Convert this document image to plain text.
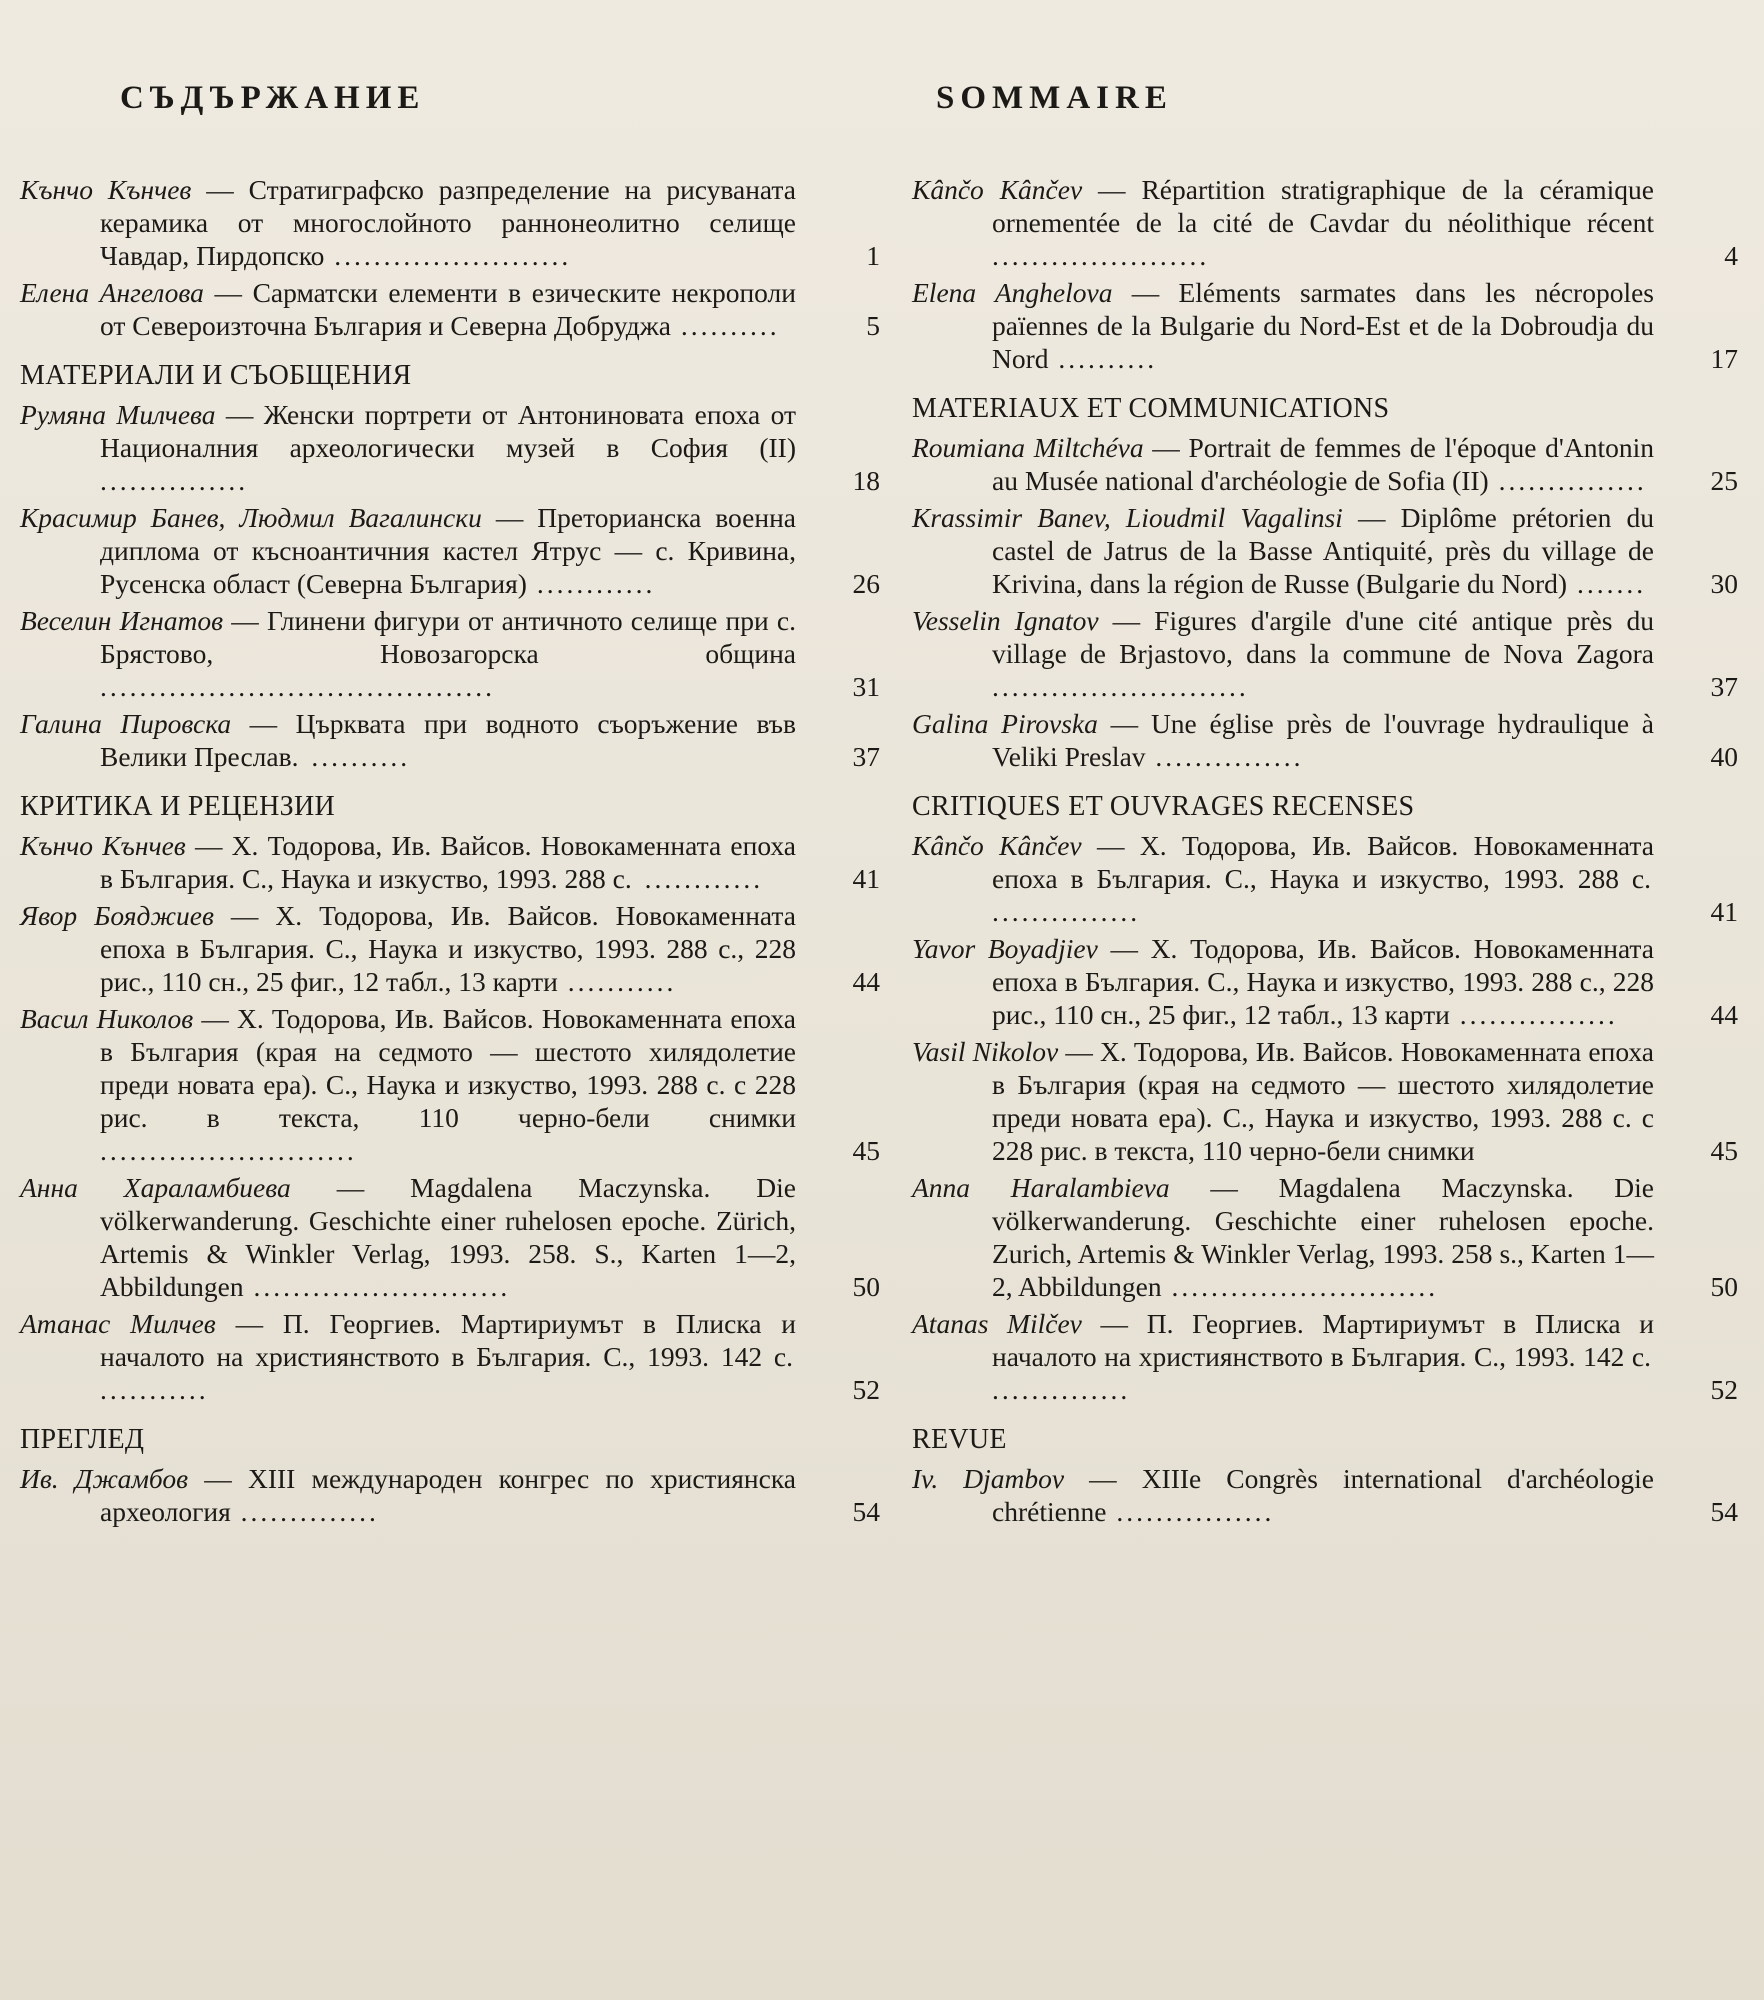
СЪДЪРЖАНИЕ
Кънчо Кънчев — Стратиграфско разпределение на рисуваната керамика от многослойното раннонеолитно селище Чавдар, Пирдопско ........................	1
Елена Ангелова — Сарматски елементи в езическите некрополи от Североизточна България и Северна Добруджа ..........	5
МАТЕРИАЛИ И СЪОБЩЕНИЯ
Румяна Милчева — Женски портрети от Антониновата епоха от Националния археологически музей в София (II) ...............	18
Красимир Банев, Людмил Вагалински — Преторианска военна диплома от късноантичния кастел Ятрус — с. Кривина, Русенска област (Северна България) ............	26
Веселин Игнатов — Глинени фигури от античното селище при с. Брястово, Новозагорска община ........................................	31
Галина Пировска — Църквата при водното съоръжение във Велики Преслав. ..........	37
КРИТИКА И РЕЦЕНЗИИ
Кънчо Кънчев — Х. Тодорова, Ив. Вайсов. Новокаменната епоха в България. С., Наука и изкуство, 1993. 288 с. ............	41
Явор Бояджиев — Х. Тодорова, Ив. Вайсов. Новокаменната епоха в България. С., Наука и изкуство, 1993. 288 с., 228 рис., 110 сн., 25 фиг., 12 табл., 13 карти ...........	44
Васил Николов — Х. Тодорова, Ив. Вайсов. Новокаменната епоха в България (края на седмото — шестото хилядолетие преди новата ера). С., Наука и изкуство, 1993. 288 с. с 228 рис. в текста, 110 черно-бели снимки ..........................	45
Анна Хараламбиева — Magdalena Maczynska. Die völkerwanderung. Geschichte einer ruhelosen epoche. Zürich, Artemis & Winkler Verlag, 1993. 258. S., Karten 1—2, Abbildungen ..........................	50
Атанас Милчев — П. Георгиев. Мартириумът в Плиска и началото на християнството в България. С., 1993. 142 с. ...........	52
ПРЕГЛЕД
Ив. Джамбов — XIII международен конгрес по християнска археология ..............	54
SOMMAIRE
Kânčo Kânčev — Répartition stratigraphique de la céramique ornementée de la cité de Cavdar du néolithique récent ......................	4
Elena Anghelova — Eléments sarmates dans les nécropoles païennes de la Bulgarie du Nord-Est et de la Dobroudja du Nord ..........	17
MATERIAUX ET COMMUNICATIONS
Roumiana Miltchéva — Portrait de femmes de l'époque d'Antonin au Musée national d'archéologie de Sofia (II) ............... 25
Krassimir Banev, Lioudmil Vagalinsi — Diplôme prétorien du castel de Jatrus de la Basse Antiquité, près du village de Krivina, dans la région de Russe (Bulgarie du Nord) ....... 30
Vesselin Ignatov — Figures d'argile d'une cité antique près du village de Brjastovo, dans la commune de Nova Zagora ..........................	37
Galina Pirovska — Une église près de l'ouvrage hydraulique à Veliki Preslav ...............	40
CRITIQUES ET OUVRAGES RECENSES
Kânčo Kânčev — Х. Тодорова, Ив. Вайсов. Новокаменната епоха в България. С., Наука и изкуство, 1993. 288 с. ...............	41
Yavor Boyadjiev — Х. Тодорова, Ив. Вайсов. Новокаменната епоха в България. С., Наука и изкуство, 1993. 288 с., 228 рис., 110 сн., 25 фиг., 12 табл., 13 карти ................	44
Vasil Nikolov — Х. Тодорова, Ив. Вайсов. Новокаменната епоха в България (края на седмото — шестото хилядолетие преди новата ера). С., Наука и изкуство, 1993. 288 с. с 228 рис. в текста, 110 черно-бели снимки	45
Anna Haralambieva — Magdalena Maczynska. Die völkerwanderung. Geschichte einer ruhelosen epoche. Zurich, Artemis & Winkler Verlag, 1993. 258 s., Karten 1—2, Abbildungen ...........................	50
Atanas Milčev — П. Георгиев. Мартириумът в Плиска и началото на християнството в България. С., 1993. 142 с. ..............	52
REVUE
Iv. Djambov — XIIIe Congrès international d'archéologie chrétienne ................	54
